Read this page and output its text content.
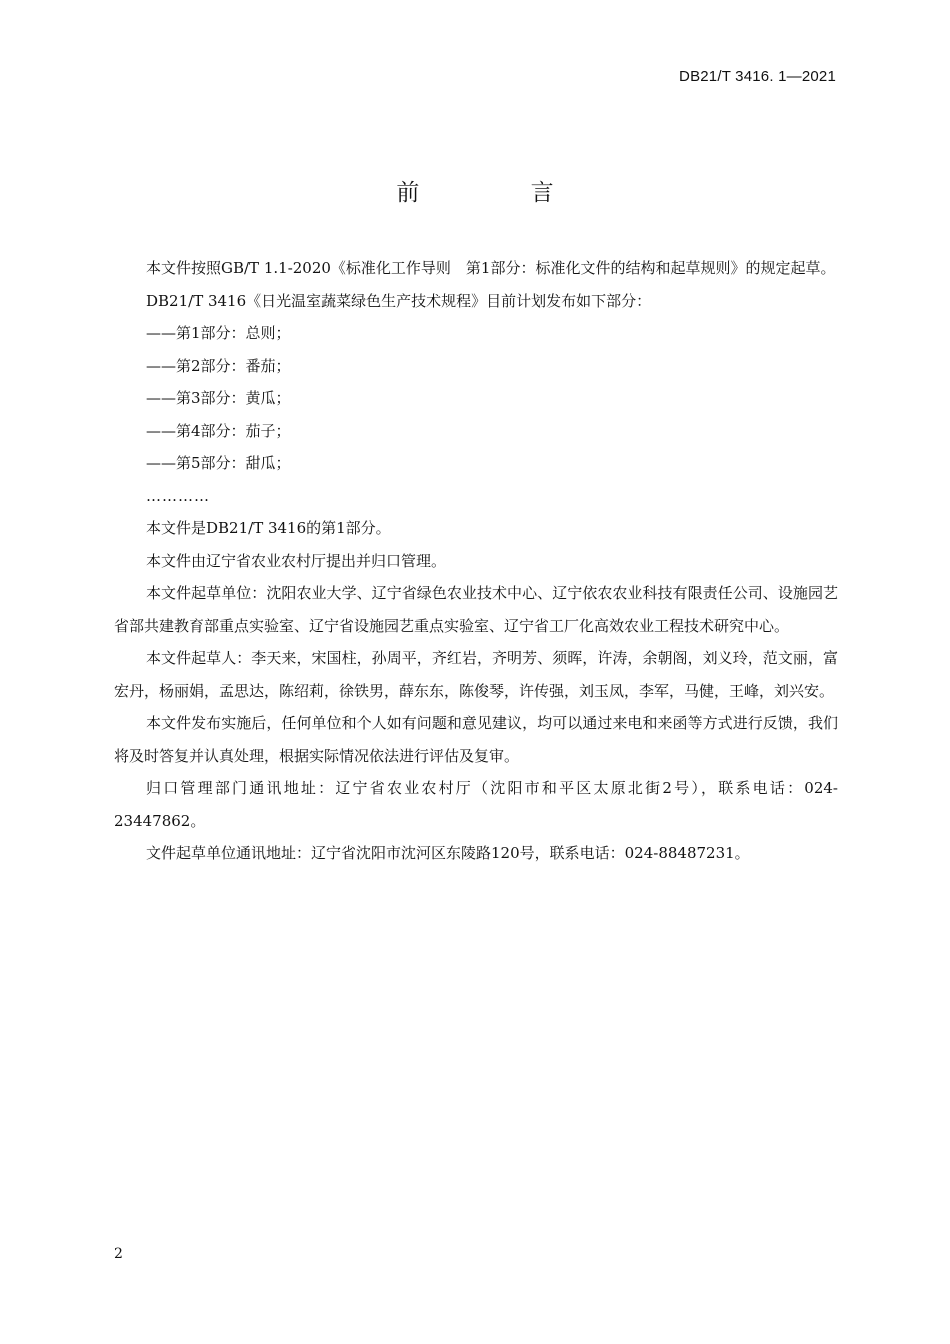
DB21/T 3416. 1—2021
前 言

本文件按照GB/T 1.1-2020《标准化工作导则　第1部分：标准化文件的结构和起草规则》的规定起草。

DB21/T 3416《日光温室蔬菜绿色生产技术规程》目前计划发布如下部分：

——第1部分：总则；

——第2部分：番茄；

——第3部分：黄瓜；

——第4部分：茄子；

——第5部分：甜瓜；

…………

本文件是DB21/T 3416的第1部分。

本文件由辽宁省农业农村厅提出并归口管理。

本文件起草单位：沈阳农业大学、辽宁省绿色农业技术中心、辽宁依农农业科技有限责任公司、设施园艺省部共建教育部重点实验室、辽宁省设施园艺重点实验室、辽宁省工厂化高效农业工程技术研究中心。

本文件起草人：李天来，宋国柱，孙周平，齐红岩，齐明芳、须晖，许涛，余朝阁，刘义玲，范文丽，富宏丹，杨丽娟，孟思达，陈绍莉，徐铁男，薛东东，陈俊琴，许传强，刘玉凤，李军，马健，王峰，刘兴安。

本文件发布实施后，任何单位和个人如有问题和意见建议，均可以通过来电和来函等方式进行反馈，我们将及时答复并认真处理，根据实际情况依法进行评估及复审。

归口管理部门通讯地址：辽宁省农业农村厅（沈阳市和平区太原北街2号），联系电话：024-23447862。

文件起草单位通讯地址：辽宁省沈阳市沈河区东陵路120号，联系电话：024-88487231。

2
